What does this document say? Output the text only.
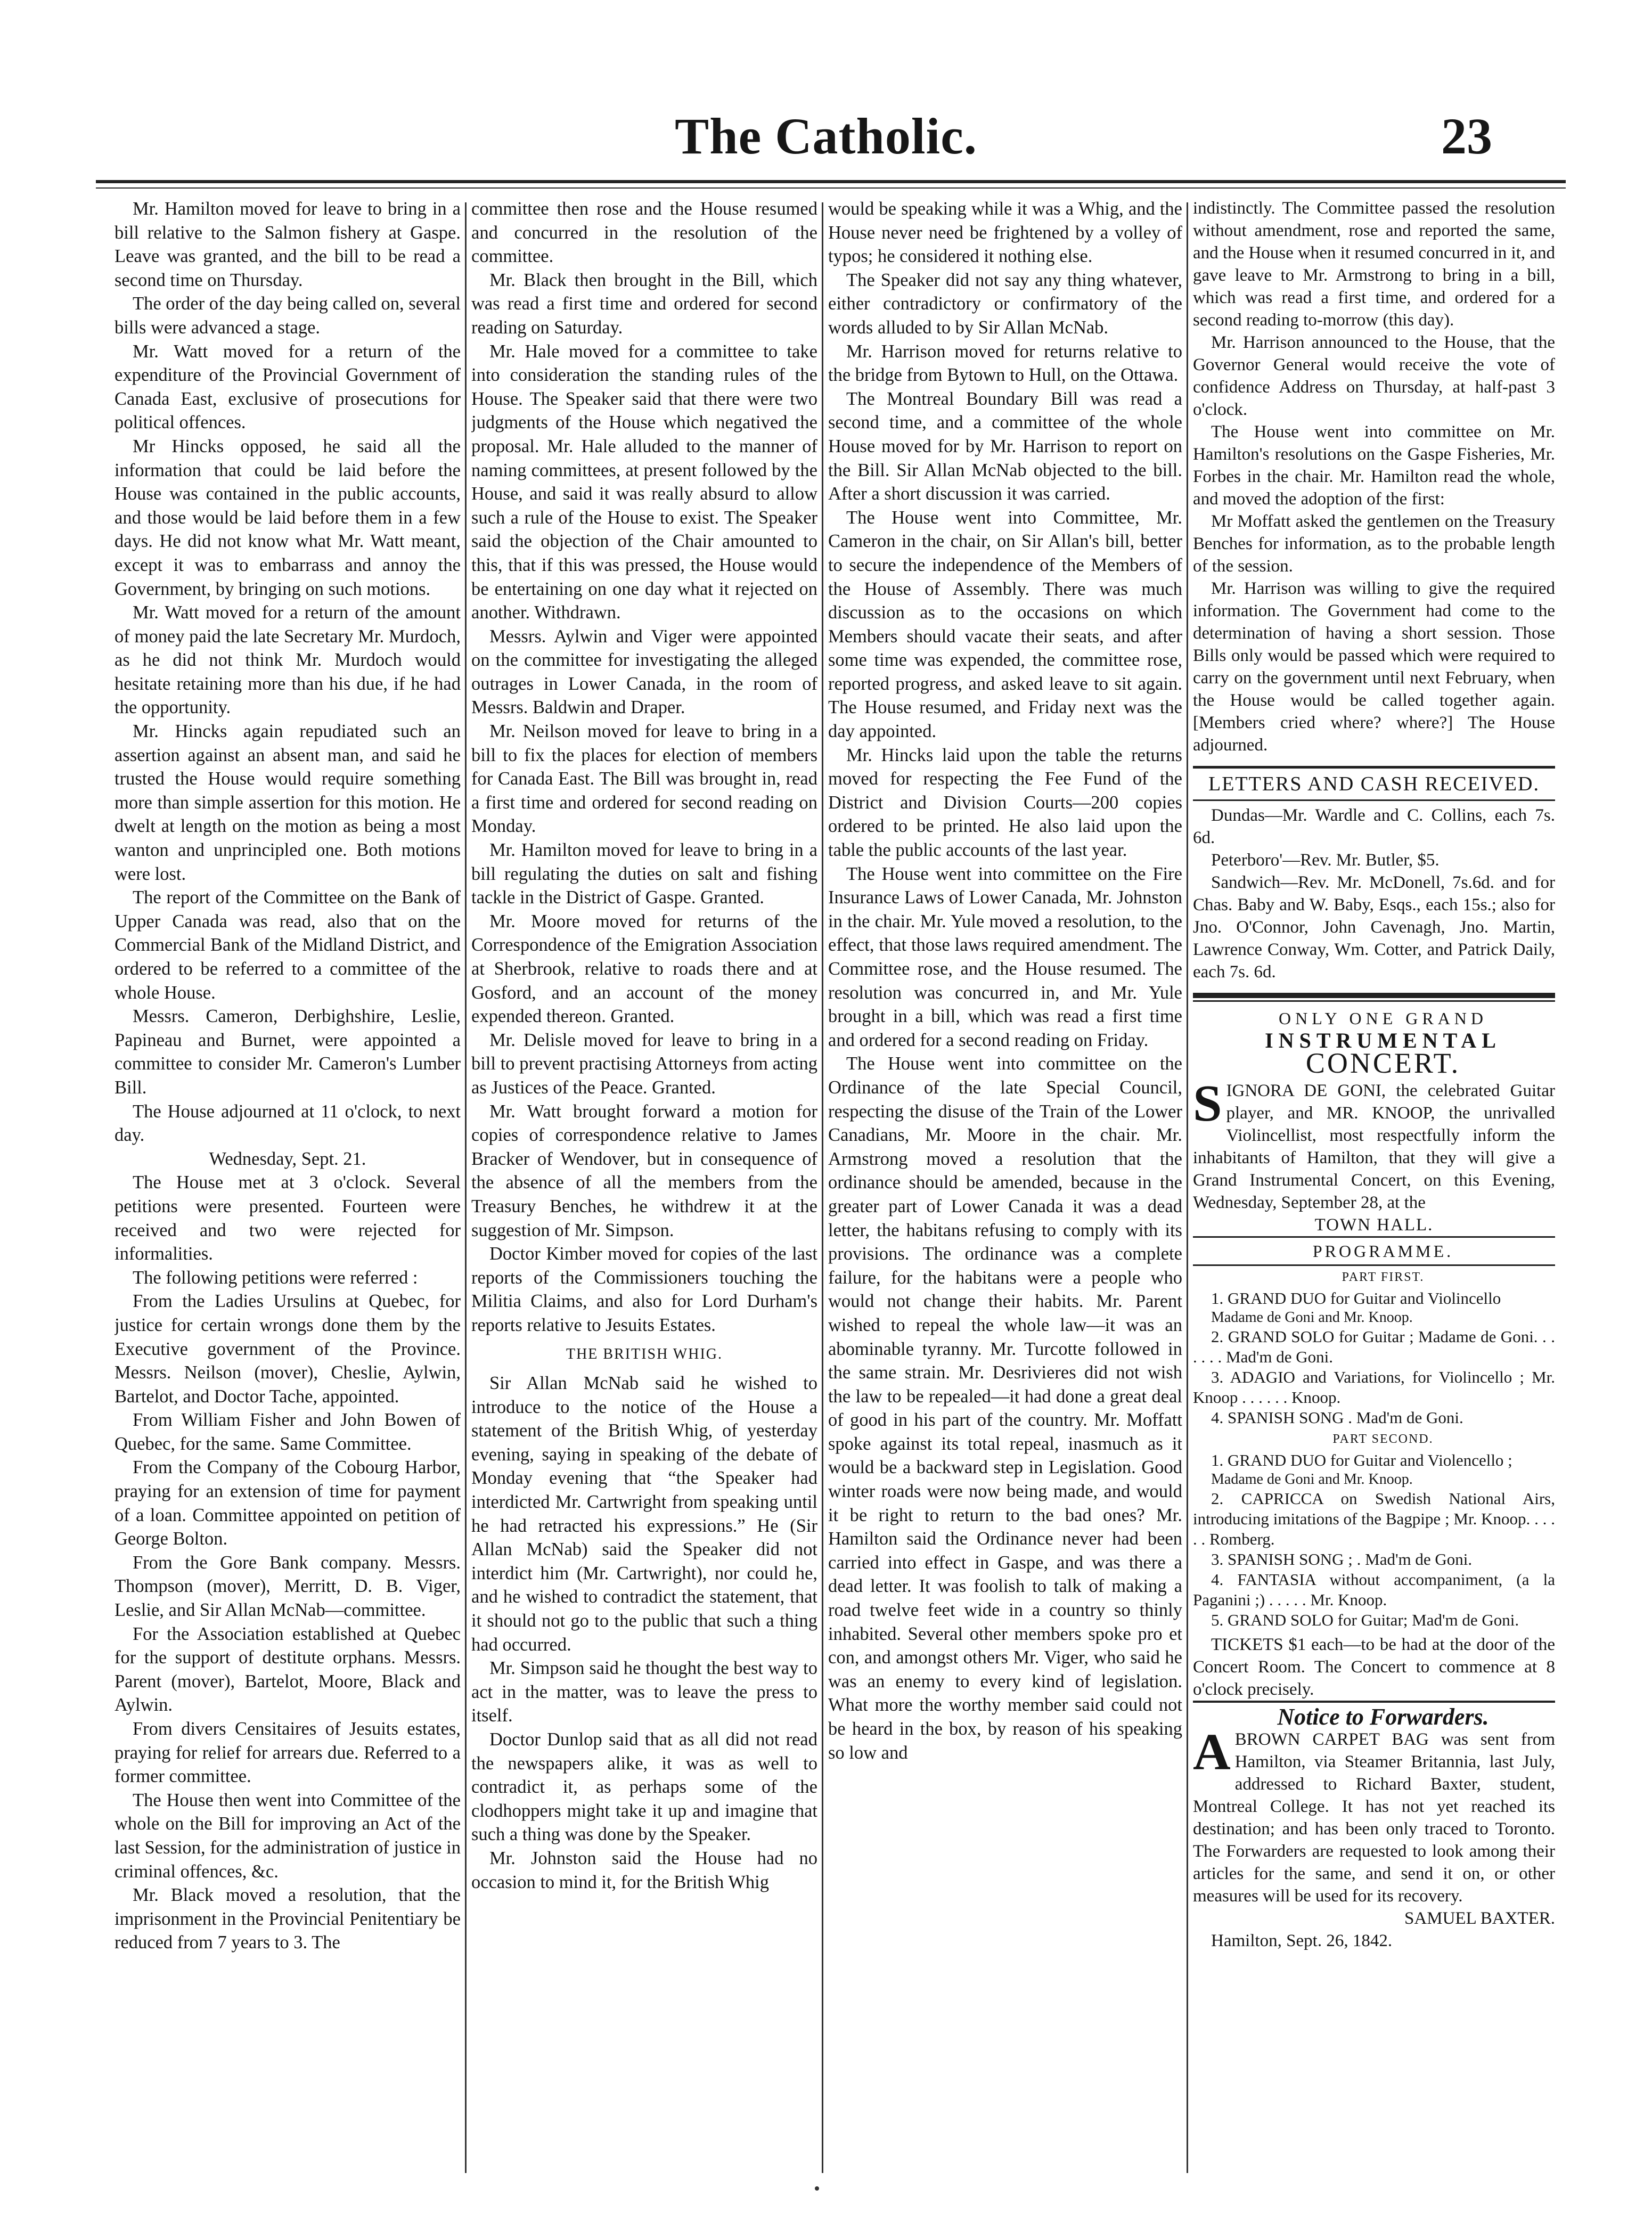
The Catholic.	23

Mr. Hamilton moved for leave to bring in a bill relative to the Salmon fishery at Gaspe. Leave was granted, and the bill to be read a second time on Thursday.

The order of the day being called on, several bills were advanced a stage.

Mr. Watt moved for a return of the expenditure of the Provincial Government of Canada East, exclusive of prosecutions for political offences.

Mr Hincks opposed, he said all the information that could be laid before the House was contained in the public accounts, and those would be laid before them in a few days. He did not know what Mr. Watt meant, except it was to embarrass and annoy the Government, by bringing on such motions.

Mr. Watt moved for a return of the amount of money paid the late Secretary Mr. Murdoch, as he did not think Mr. Murdoch would hesitate retaining more than his due, if he had the opportunity.

Mr. Hincks again repudiated such an assertion against an absent man, and said he trusted the House would require something more than simple assertion for this motion. He dwelt at length on the motion as being a most wanton and unprincipled one. Both motions were lost.

The report of the Committee on the Bank of Upper Canada was read, also that on the Commercial Bank of the Midland District, and ordered to be referred to a committee of the whole House.

Messrs. Cameron, Derbighshire, Leslie, Papineau and Burnet, were appointed a committee to consider Mr. Cameron's Lumber Bill.

The House adjourned at 11 o'clock, to next day.

Wednesday, Sept. 21.

The House met at 3 o'clock. Several petitions were presented. Fourteen were received and two were rejected for informalities.

The following petitions were referred :

From the Ladies Ursulins at Quebec, for justice for certain wrongs done them by the Executive government of the Province. Messrs. Neilson (mover), Cheslie, Aylwin, Bartelot, and Doctor Tache, appointed.

From William Fisher and John Bowen of Quebec, for the same. Same Committee.

From the Company of the Cobourg Harbor, praying for an extension of time for payment of a loan. Committee appointed on petition of George Bolton.

From the Gore Bank company. Messrs. Thompson (mover), Merritt, D. B. Viger, Leslie, and Sir Allan McNab—committee.

For the Association established at Quebec for the support of destitute orphans. Messrs. Parent (mover), Bartelot, Moore, Black and Aylwin.

From divers Censitaires of Jesuits estates, praying for relief for arrears due. Referred to a former committee.

The House then went into Committee of the whole on the Bill for improving an Act of the last Session, for the administration of justice in criminal offences, &c.

Mr. Black moved a resolution, that the imprisonment in the Provincial Penitentiary be reduced from 7 years to 3. The

committee then rose and the House resumed and concurred in the resolution of the committee.

Mr. Black then brought in the Bill, which was read a first time and ordered for second reading on Saturday.

Mr. Hale moved for a committee to take into consideration the standing rules of the House. The Speaker said that there were two judgments of the House which negatived the proposal. Mr. Hale alluded to the manner of naming committees, at present followed by the House, and said it was really absurd to allow such a rule of the House to exist. The Speaker said the objection of the Chair amounted to this, that if this was pressed, the House would be entertaining on one day what it rejected on another. Withdrawn.

Messrs. Aylwin and Viger were appointed on the committee for investigating the alleged outrages in Lower Canada, in the room of Messrs. Baldwin and Draper.

Mr. Neilson moved for leave to bring in a bill to fix the places for election of members for Canada East. The Bill was brought in, read a first time and ordered for second reading on Monday.

Mr. Hamilton moved for leave to bring in a bill regulating the duties on salt and fishing tackle in the District of Gaspe. Granted.

Mr. Moore moved for returns of the Correspondence of the Emigration Association at Sherbrook, relative to roads there and at Gosford, and an account of the money expended thereon. Granted.

Mr. Delisle moved for leave to bring in a bill to prevent practising Attorneys from acting as Justices of the Peace. Granted.

Mr. Watt brought forward a motion for copies of correspondence relative to James Bracker of Wendover, but in consequence of the absence of all the members from the Treasury Benches, he withdrew it at the suggestion of Mr. Simpson.

Doctor Kimber moved for copies of the last reports of the Commissioners touching the Militia Claims, and also for Lord Durham's reports relative to Jesuits Estates.

THE BRITISH WHIG.

Sir Allan McNab said he wished to introduce to the notice of the House a statement of the British Whig, of yesterday evening, saying in speaking of the debate of Monday evening that “the Speaker had interdicted Mr. Cartwright from speaking until he had retracted his expressions.” He (Sir Allan McNab) said the Speaker did not interdict him (Mr. Cartwright), nor could he, and he wished to contradict the statement, that it should not go to the public that such a thing had occurred.

Mr. Simpson said he thought the best way to act in the matter, was to leave the press to itself.

Doctor Dunlop said that as all did not read the newspapers alike, it was as well to contradict it, as perhaps some of the clodhoppers might take it up and imagine that such a thing was done by the Speaker.

Mr. Johnston said the House had no occasion to mind it, for the British Whig

would be speaking while it was a Whig, and the House never need be frightened by a volley of typos; he considered it nothing else.

The Speaker did not say any thing whatever, either contradictory or confirmatory of the words alluded to by Sir Allan McNab.

Mr. Harrison moved for returns relative to the bridge from Bytown to Hull, on the Ottawa.

The Montreal Boundary Bill was read a second time, and a committee of the whole House moved for by Mr. Harrison to report on the Bill. Sir Allan McNab objected to the bill. After a short discussion it was carried.

The House went into Committee, Mr. Cameron in the chair, on Sir Allan's bill, better to secure the independence of the Members of the House of Assembly. There was much discussion as to the occasions on which Members should vacate their seats, and after some time was expended, the committee rose, reported progress, and asked leave to sit again. The House resumed, and Friday next was the day appointed.

Mr. Hincks laid upon the table the returns moved for respecting the Fee Fund of the District and Division Courts—200 copies ordered to be printed. He also laid upon the table the public accounts of the last year.

The House went into committee on the Fire Insurance Laws of Lower Canada, Mr. Johnston in the chair. Mr. Yule moved a resolution, to the effect, that those laws required amendment. The Committee rose, and the House resumed. The resolution was concurred in, and Mr. Yule brought in a bill, which was read a first time and ordered for a second reading on Friday.

The House went into committee on the Ordinance of the late Special Council, respecting the disuse of the Train of the Lower Canadians, Mr. Moore in the chair. Mr. Armstrong moved a resolution that the ordinance should be amended, because in the greater part of Lower Canada it was a dead letter, the habitans refusing to comply with its provisions. The ordinance was a complete failure, for the habitans were a people who would not change their habits. Mr. Parent wished to repeal the whole law—it was an abominable tyranny. Mr. Turcotte followed in the same strain. Mr. Desrivieres did not wish the law to be repealed—it had done a great deal of good in his part of the country. Mr. Moffatt spoke against its total repeal, inasmuch as it would be a backward step in Legislation. Good winter roads were now being made, and would it be right to return to the bad ones? Mr. Hamilton said the Ordinance never had been carried into effect in Gaspe, and was there a dead letter. It was foolish to talk of making a road twelve feet wide in a country so thinly inhabited. Several other members spoke pro et con, and amongst others Mr. Viger, who said he was an enemy to every kind of legislation. What more the worthy member said could not be heard in the box, by reason of his speaking so low and

indistinctly. The Committee passed the resolution without amendment, rose and reported the same, and the House when it resumed concurred in it, and gave leave to Mr. Armstrong to bring in a bill, which was read a first time, and ordered for a second reading to-morrow (this day).

Mr. Harrison announced to the House, that the Governor General would receive the vote of confidence Address on Thursday, at half-past 3 o'clock.

The House went into committee on Mr. Hamilton's resolutions on the Gaspe Fisheries, Mr. Forbes in the chair. Mr. Hamilton read the whole, and moved the adoption of the first:

Mr Moffatt asked the gentlemen on the Treasury Benches for information, as to the probable length of the session.

Mr. Harrison was willing to give the required information. The Government had come to the determination of having a short session. Those Bills only would be passed which were required to carry on the government until next February, when the House would be called together again. [Members cried where? where?] The House adjourned.

LETTERS AND CASH RECEIVED.

Dundas—Mr. Wardle and C. Collins, each 7s. 6d.

Peterboro'—Rev. Mr. Butler, $5.

Sandwich—Rev. Mr. McDonell, 7s.6d. and for Chas. Baby and W. Baby, Esqs., each 15s.; also for Jno. O'Connor, John Cavenagh, Jno. Martin, Lawrence Conway, Wm. Cotter, and Patrick Daily, each 7s. 6d.

ONLY ONE GRAND

INSTRUMENTAL

CONCERT.

SIGNORA DE GONI, the celebrated Guitar player, and MR. KNOOP, the unrivalled Violincellist, most respectfully inform the inhabitants of Hamilton, that they will give a Grand Instrumental Concert, on this Evening, Wednesday, September 28, at the

TOWN HALL.

PROGRAMME.

PART FIRST.

1. GRAND DUO for Guitar and Violincello

Madame de Goni and Mr. Knoop.

2. GRAND SOLO for Guitar ; Madame de Goni. . . . . . . Mad'm de Goni.

3. ADAGIO and Variations, for Violincello ; Mr. Knoop . . . . . . Knoop.

4. SPANISH SONG . Mad'm de Goni.

PART SECOND.

1. GRAND DUO for Guitar and Violencello ;

Madame de Goni and Mr. Knoop.

2. CAPRICCA on Swedish National Airs, introducing imitations of the Bagpipe ; Mr. Knoop. . . . . . Romberg.

3. SPANISH SONG ; . Mad'm de Goni.

4. FANTASIA without accompaniment, (a la Paganini ;) . . . . . Mr. Knoop.

5. GRAND SOLO for Guitar; Mad'm de Goni.

TICKETS $1 each—to be had at the door of the Concert Room. The Concert to commence at 8 o'clock precisely.

Notice to Forwarders.

ABROWN CARPET BAG was sent from Hamilton, via Steamer Britannia, last July, addressed to Richard Baxter, student, Montreal College. It has not yet reached its destination; and has been only traced to Toronto. The Forwarders are requested to look among their articles for the same, and send it on, or other measures will be used for its recovery.

SAMUEL BAXTER.

Hamilton, Sept. 26, 1842.
